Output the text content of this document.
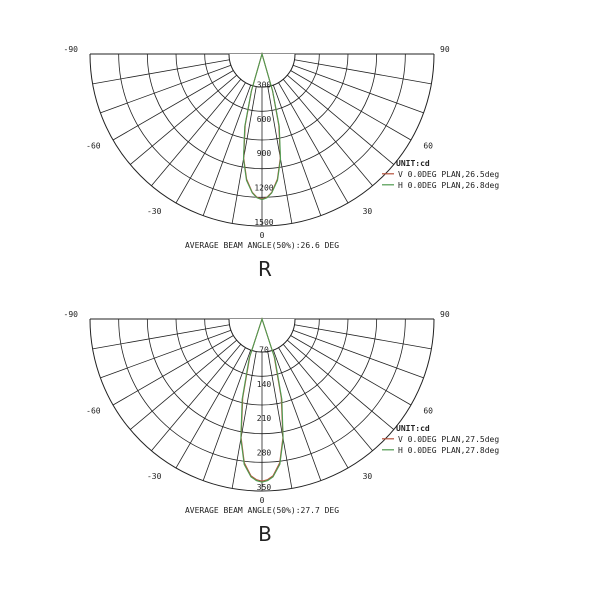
300
600
900
1200
1500
-90
-60
-30
0
30
60
90
UNIT:cd
V 0.0DEG PLAN,26.5deg
H 0.0DEG PLAN,26.8deg
AVERAGE BEAM ANGLE(50%):26.6 DEG
R
70
140
210
280
350
-90
-60
-30
0
30
60
90
UNIT:cd
V 0.0DEG PLAN,27.5deg
H 0.0DEG PLAN,27.8deg
AVERAGE BEAM ANGLE(50%):27.7 DEG
B
